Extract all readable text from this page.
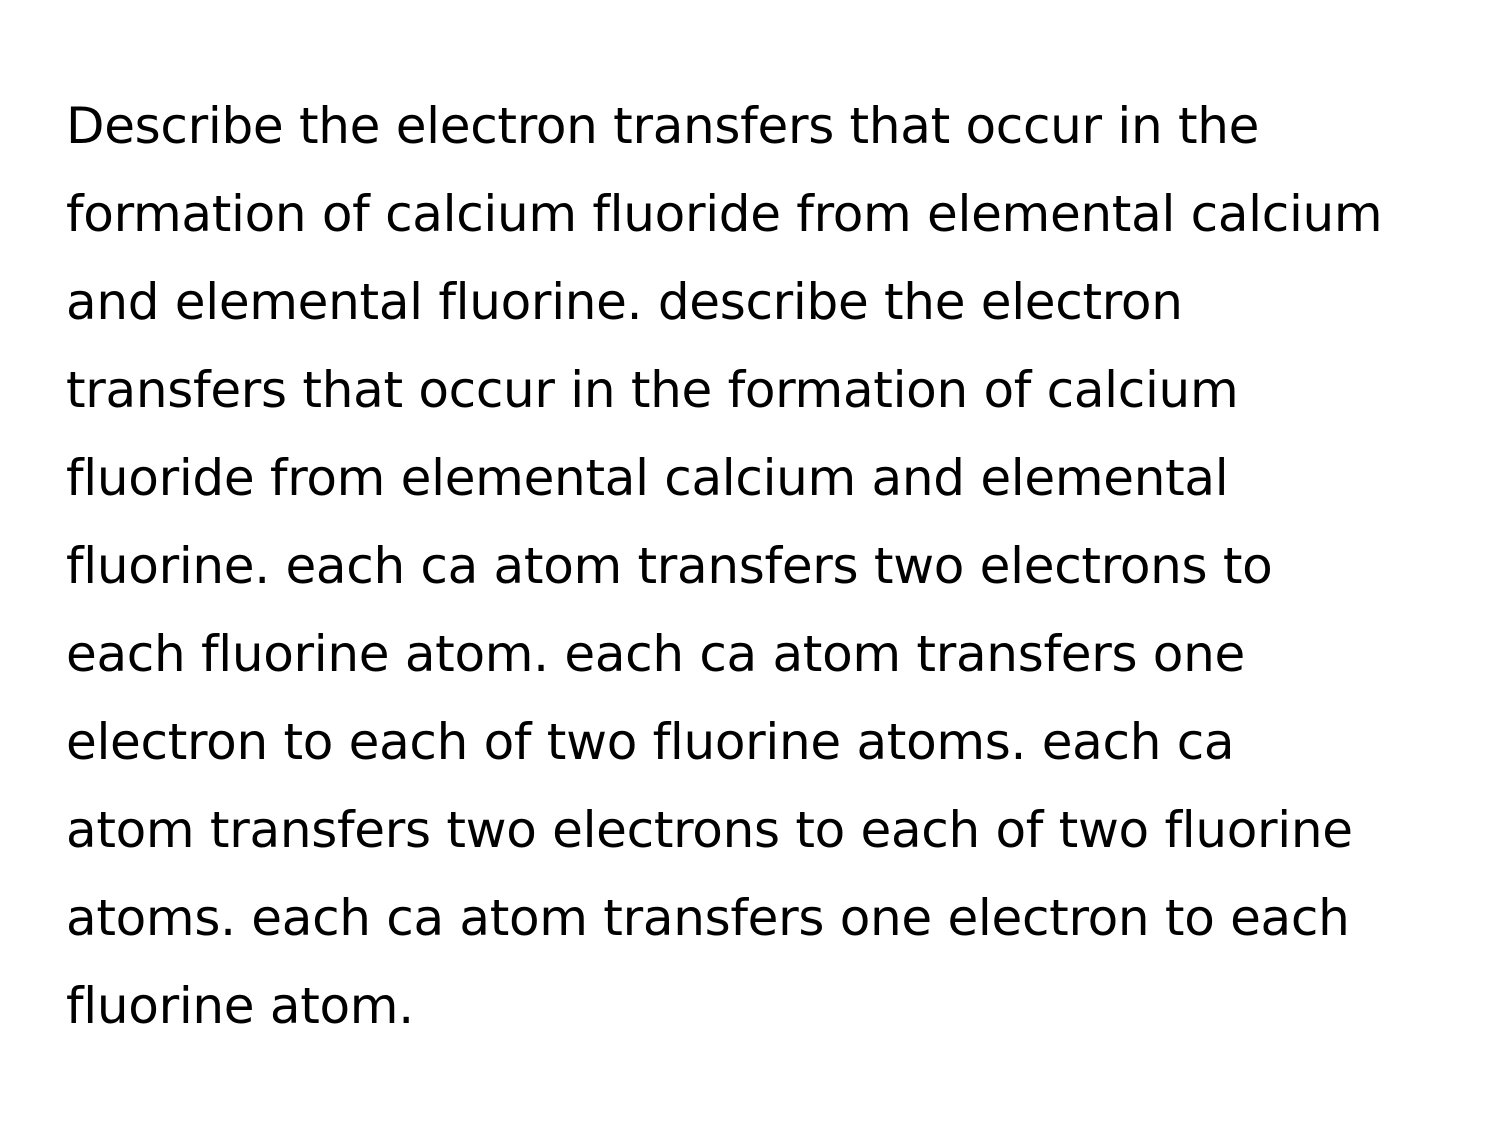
Describe the electron transfers that occur in the
formation of calcium fluoride from elemental calcium
and elemental fluorine. describe the electron
transfers that occur in the formation of calcium
fluoride from elemental calcium and elemental
fluorine. each ca atom transfers two electrons to
each fluorine atom. each ca atom transfers one
electron to each of two fluorine atoms. each ca
atom transfers two electrons to each of two fluorine
atoms. each ca atom transfers one electron to each
fluorine atom.
